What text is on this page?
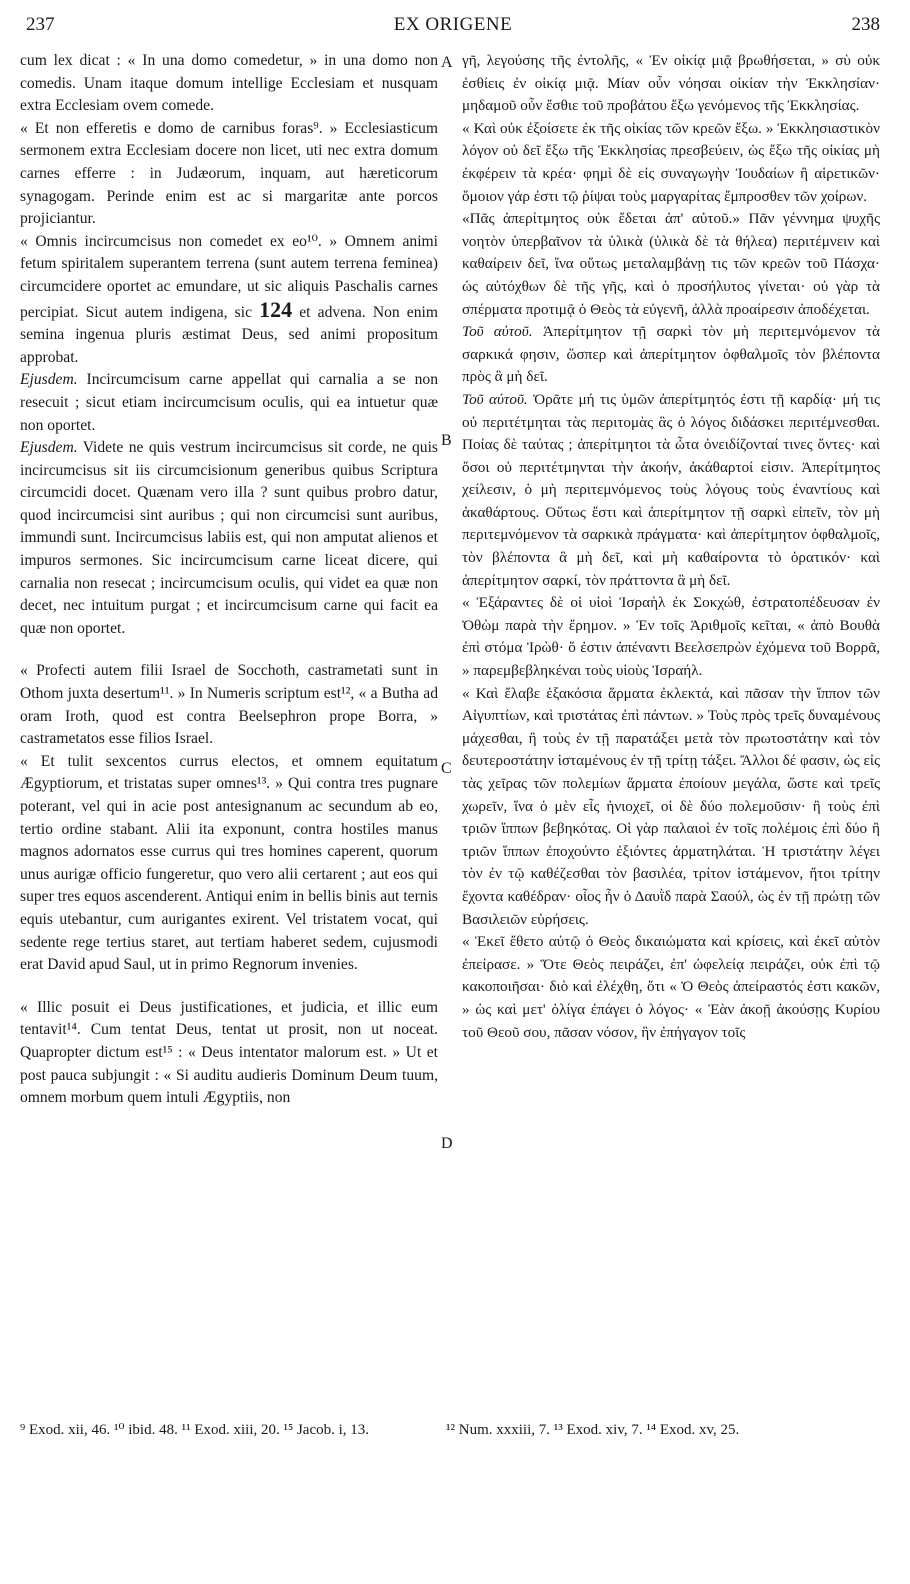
237	EX ORIGENE	238
A
B
C
D

cum lex dicat : « In una domo comedetur, » in una domo non comedis. Unam itaque domum intellige Ecclesiam et nusquam extra Ecclesiam ovem comede.

« Et non efferetis e domo de carnibus foras⁹. » Ecclesiasticum sermonem extra Ecclesiam docere non licet, uti nec extra domum carnes efferre : in Judæorum, inquam, aut hæreticorum synagogam. Perinde enim est ac si margaritæ ante porcos projiciantur.

« Omnis incircumcisus non comedet ex eo¹⁰. » Omnem animi fetum spiritalem superantem terrena (sunt autem terrena feminea) circumcidere oportet ac emundare, ut sic aliquis Paschalis carnes percipiat. Sicut autem indigena, sic 124 et advena. Non enim semina ingenua pluris æstimat Deus, sed animi propositum approbat.

Ejusdem. Incircumcisum carne appellat qui carnalia a se non resecuit ; sicut etiam incircumcisum oculis, qui ea intuetur quæ non oportet.

Ejusdem. Videte ne quis vestrum incircumcisus sit corde, ne quis incircumcisus sit iis circumcisionum generibus quibus Scriptura circumcidi docet. Quænam vero illa ? sunt quibus probro datur, quod incircumcisi sint auribus ; qui non circumcisi sunt auribus, immundi sunt. Incircumcisus labiis est, qui non amputat alienos et impuros sermones. Sic incircumcisum carne liceat dicere, qui carnalia non resecat ; incircumcisum oculis, qui videt ea quæ non decet, nec intuitum purgat ; et incircumcisum carne qui facit ea quæ non oportet.

« Profecti autem filii Israel de Socchoth, castrametati sunt in Othom juxta desertum¹¹. » In Numeris scriptum est¹², « a Butha ad oram Iroth, quod est contra Beelsephron prope Borra, » castrametatos esse filios Israel.

« Et tulit sexcentos currus electos, et omnem equitatum Ægyptiorum, et tristatas super omnes¹³. » Qui contra tres pugnare poterant, vel qui in acie post antesignanum ac secundum ab eo, tertio ordine stabant. Alii ita exponunt, contra hostiles manus magnos adornatos esse currus qui tres homines caperent, quorum unus aurigæ officio fungeretur, quo vero alii certarent ; aut eos qui super tres equos ascenderent. Antiqui enim in bellis binis aut ternis equis utebantur, cum aurigantes exirent. Vel tristatem vocat, qui sedente rege tertius staret, aut tertiam haberet sedem, cujusmodi erat David apud Saul, ut in primo Regnorum invenies.

« Illic posuit ei Deus justificationes, et judicia, et illic eum tentavit¹⁴. Cum tentat Deus, tentat ut prosit, non ut noceat. Quapropter dictum est¹⁵ : « Deus intentator malorum est. » Ut et post pauca subjungit : « Si auditu audieris Dominum Deum tuum, omnem morbum quem intuli Ægyptiis, non

γῆ, λεγούσης τῆς ἐντολῆς, « Ἐν οἰκίᾳ μιᾷ βρωθήσεται, » σὺ οὐκ ἐσθίεις ἐν οἰκίᾳ μιᾷ. Μίαν οὖν νόησαι οἰκίαν τὴν Ἐκκλησίαν· μηδαμοῦ οὖν ἔσθιε τοῦ προβάτου ἔξω γενόμενος τῆς Ἐκκλησίας.

« Καὶ οὐκ ἐξοίσετε ἐκ τῆς οἰκίας τῶν κρεῶν ἔξω. » Ἐκκλησιαστικὸν λόγον οὐ δεῖ ἔξω τῆς Ἐκκλησίας πρεσβεύειν, ὡς ἔξω τῆς οἰκίας μὴ ἐκφέρειν τὰ κρέα· φημὶ δὲ εἰς συναγωγὴν Ἰουδαίων ἢ αἱρετικῶν· ὅμοιον γάρ ἐστι τῷ ῥίψαι τοὺς μαργαρίτας ἔμπροσθεν τῶν χοίρων.

«Πᾶς ἀπερίτμητος οὐκ ἔδεται ἀπ' αὐτοῦ.» Πᾶν γέννημα ψυχῆς νοητὸν ὑπερβαῖνον τὰ ὑλικὰ (ὑλικὰ δὲ τὰ θήλεα) περιτέμνειν καὶ καθαίρειν δεῖ, ἵνα οὕτως μεταλαμβάνῃ τις τῶν κρεῶν τοῦ Πάσχα· ὡς αὐτόχθων δὲ τῆς γῆς, καὶ ὁ προσήλυτος γίνεται· οὐ γὰρ τὰ σπέρματα προτιμᾷ ὁ Θεὸς τὰ εὐγενῆ, ἀλλὰ προαίρεσιν ἀποδέχεται.

Τοῦ αὐτοῦ. Ἀπερίτμητον τῇ σαρκὶ τὸν μὴ περιτεμνόμενον τὰ σαρκικά φησιν, ὥσπερ καὶ ἀπερίτμητον ὀφθαλμοῖς τὸν βλέποντα πρὸς ἃ μὴ δεῖ.

Τοῦ αὐτοῦ. Ὁρᾶτε μή τις ὑμῶν ἀπερίτμητός ἐστι τῇ καρδίᾳ· μή τις οὐ περιτέτμηται τὰς περιτομὰς ἃς ὁ λόγος διδάσκει περιτέμνεσθαι. Ποίας δὲ ταύτας ; ἀπερίτμητοι τὰ ὦτα ὀνειδίζονταί τινες ὄντες· καὶ ὅσοι οὐ περιτέτμηνται τὴν ἀκοήν, ἀκάθαρτοί εἰσιν. Ἀπερίτμητος χείλεσιν, ὁ μὴ περιτεμνόμενος τοὺς λόγους τοὺς ἐναντίους καὶ ἀκαθάρτους. Οὕτως ἔστι καὶ ἀπερίτμητον τῇ σαρκὶ εἰπεῖν, τὸν μὴ περιτεμνόμενον τὰ σαρκικὰ πράγματα· καὶ ἀπερίτμητον ὀφθαλμοῖς, τὸν βλέποντα ἃ μὴ δεῖ, καὶ μὴ καθαίροντα τὸ ὁρατικόν· καὶ ἀπερίτμητον σαρκί, τὸν πράττοντα ἃ μὴ δεῖ.

« Ἐξάραντες δὲ οἱ υἱοὶ Ἰσραὴλ ἐκ Σοκχώθ, ἐστρατοπέδευσαν ἐν Ὀθὼμ παρὰ τὴν ἔρημον. » Ἐν τοῖς Ἀριθμοῖς κεῖται, « ἀπὸ Βουθὰ ἐπὶ στόμα Ἰρὼθ· ὅ ἐστιν ἀπέναντι Βεελσεπρὼν ἐχόμενα τοῦ Βορρᾶ, » παρεμβεβληκέναι τοὺς υἱοὺς Ἰσραήλ.

« Καὶ ἔλαβε ἑξακόσια ἅρματα ἐκλεκτά, καὶ πᾶσαν τὴν ἵππον τῶν Αἰγυπτίων, καὶ τριστάτας ἐπὶ πάντων. » Τοὺς πρὸς τρεῖς δυναμένους μάχεσθαι, ἢ τοὺς ἐν τῇ παρατάξει μετὰ τὸν πρωτοστάτην καὶ τὸν δευτεροστάτην ἱσταμένους ἐν τῇ τρίτῃ τάξει. Ἄλλοι δέ φασιν, ὡς εἰς τὰς χεῖρας τῶν πολεμίων ἅρματα ἐποίουν μεγάλα, ὥστε καὶ τρεῖς χωρεῖν, ἵνα ὁ μὲν εἷς ἡνιοχεῖ, οἱ δὲ δύο πολεμοῦσιν· ἢ τοὺς ἐπὶ τριῶν ἵππων βεβηκότας. Οἱ γὰρ παλαιοὶ ἐν τοῖς πολέμοις ἐπὶ δύο ἢ τριῶν ἵππων ἐποχούντο ἐξιόντες ἁρματηλάται. Ἡ τριστάτην λέγει τὸν ἐν τῷ καθέζεσθαι τὸν βασιλέα, τρίτον ἱστάμενον, ἤτοι τρίτην ἔχοντα καθέδραν· οἷος ἦν ὁ Δαυῒδ παρὰ Σαούλ, ὡς ἐν τῇ πρώτῃ τῶν Βασιλειῶν εὑρήσεις.

« Ἐκεῖ ἔθετο αὐτῷ ὁ Θεὸς δικαιώματα καὶ κρίσεις, καὶ ἐκεῖ αὐτὸν ἐπείρασε. » Ὅτε Θεὸς πειράζει, ἐπ' ὠφελείᾳ πειράζει, οὐκ ἐπὶ τῷ κακοποιῆσαι· διὸ καὶ ἐλέχθη, ὅτι « Ὁ Θεὸς ἀπείραστός ἐστι κακῶν, » ὡς καὶ μετ' ὀλίγα ἐπάγει ὁ λόγος· « Ἐὰν ἀκοῇ ἀκούσῃς Κυρίου τοῦ Θεοῦ σου, πᾶσαν νόσον, ἣν ἐπήγαγον τοῖς

⁹ Exod. xii, 46. ¹⁰ ibid. 48. ¹¹ Exod. xiii, 20. ¹⁵ Jacob. i, 13.	¹² Num. xxxiii, 7. ¹³ Exod. xiv, 7. ¹⁴ Exod. xv, 25.
